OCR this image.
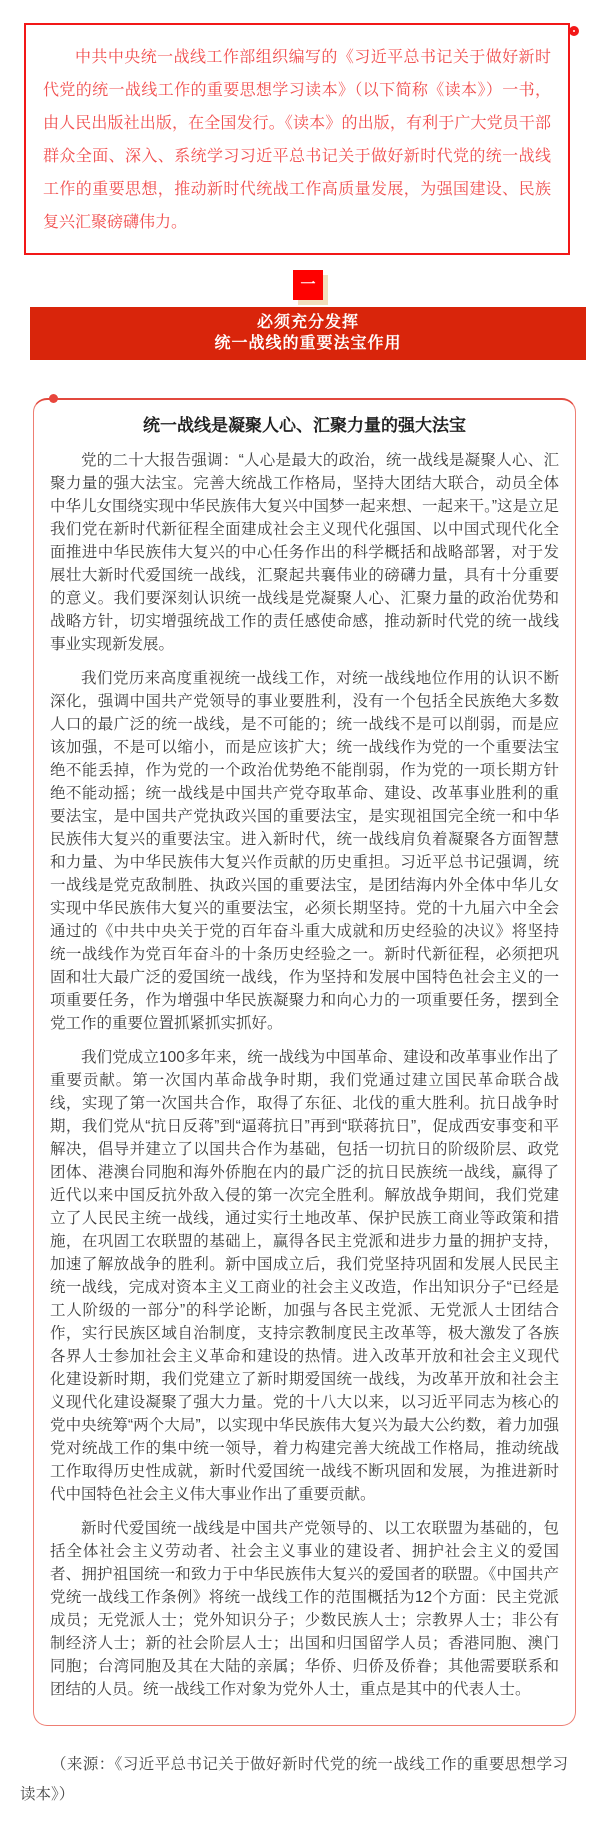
中共中央统一战线工作部组织编写的《习近平总书记关于做好新时代党的统一战线工作的重要思想学习读本》（以下简称《读本》）一书，由人民出版社出版，在全国发行。《读本》的出版，有利于广大党员干部群众全面、深入、系统学习习近平总书记关于做好新时代党的统一战线工作的重要思想，推动新时代统战工作高质量发展，为强国建设、民族复兴汇聚磅礴伟力。

一
必须充分发挥
统一战线的重要法宝作用
统一战线是凝聚人心、汇聚力量的强大法宝

党的二十大报告强调：“人心是最大的政治，统一战线是凝聚人心、汇聚力量的强大法宝。完善大统战工作格局，坚持大团结大联合，动员全体中华儿女围绕实现中华民族伟大复兴中国梦一起来想、一起来干。”这是立足我们党在新时代新征程全面建成社会主义现代化强国、以中国式现代化全面推进中华民族伟大复兴的中心任务作出的科学概括和战略部署，对于发展壮大新时代爱国统一战线，汇聚起共襄伟业的磅礴力量，具有十分重要的意义。我们要深刻认识统一战线是党凝聚人心、汇聚力量的政治优势和战略方针，切实增强统战工作的责任感使命感，推动新时代党的统一战线事业实现新发展。

我们党历来高度重视统一战线工作，对统一战线地位作用的认识不断深化，强调中国共产党领导的事业要胜利，没有一个包括全民族绝大多数人口的最广泛的统一战线，是不可能的；统一战线不是可以削弱，而是应该加强，不是可以缩小，而是应该扩大；统一战线作为党的一个重要法宝绝不能丢掉，作为党的一个政治优势绝不能削弱，作为党的一项长期方针绝不能动摇；统一战线是中国共产党夺取革命、建设、改革事业胜利的重要法宝，是中国共产党执政兴国的重要法宝，是实现祖国完全统一和中华民族伟大复兴的重要法宝。进入新时代，统一战线肩负着凝聚各方面智慧和力量、为中华民族伟大复兴作贡献的历史重担。习近平总书记强调，统一战线是党克敌制胜、执政兴国的重要法宝，是团结海内外全体中华儿女实现中华民族伟大复兴的重要法宝，必须长期坚持。党的十九届六中全会通过的《中共中央关于党的百年奋斗重大成就和历史经验的决议》将坚持统一战线作为党百年奋斗的十条历史经验之一。新时代新征程，必须把巩固和壮大最广泛的爱国统一战线，作为坚持和发展中国特色社会主义的一项重要任务，作为增强中华民族凝聚力和向心力的一项重要任务，摆到全党工作的重要位置抓紧抓实抓好。

我们党成立100多年来，统一战线为中国革命、建设和改革事业作出了重要贡献。第一次国内革命战争时期，我们党通过建立国民革命联合战线，实现了第一次国共合作，取得了东征、北伐的重大胜利。抗日战争时期，我们党从“抗日反蒋”到“逼蒋抗日”再到“联蒋抗日”，促成西安事变和平解决，倡导并建立了以国共合作为基础，包括一切抗日的阶级阶层、政党团体、港澳台同胞和海外侨胞在内的最广泛的抗日民族统一战线，赢得了近代以来中国反抗外敌入侵的第一次完全胜利。解放战争期间，我们党建立了人民民主统一战线，通过实行土地改革、保护民族工商业等政策和措施，在巩固工农联盟的基础上，赢得各民主党派和进步力量的拥护支持，加速了解放战争的胜利。新中国成立后，我们党坚持巩固和发展人民民主统一战线，完成对资本主义工商业的社会主义改造，作出知识分子“已经是工人阶级的一部分”的科学论断，加强与各民主党派、无党派人士团结合作，实行民族区域自治制度，支持宗教制度民主改革等，极大激发了各族各界人士参加社会主义革命和建设的热情。进入改革开放和社会主义现代化建设新时期，我们党建立了新时期爱国统一战线，为改革开放和社会主义现代化建设凝聚了强大力量。党的十八大以来，以习近平同志为核心的党中央统筹“两个大局”，以实现中华民族伟大复兴为最大公约数，着力加强党对统战工作的集中统一领导，着力构建完善大统战工作格局，推动统战工作取得历史性成就，新时代爱国统一战线不断巩固和发展，为推进新时代中国特色社会主义伟大事业作出了重要贡献。

新时代爱国统一战线是中国共产党领导的、以工农联盟为基础的，包括全体社会主义劳动者、社会主义事业的建设者、拥护社会主义的爱国者、拥护祖国统一和致力于中华民族伟大复兴的爱国者的联盟。《中国共产党统一战线工作条例》将统一战线工作的范围概括为12个方面：民主党派成员；无党派人士；党外知识分子；少数民族人士；宗教界人士；非公有制经济人士；新的社会阶层人士；出国和归国留学人员；香港同胞、澳门同胞；台湾同胞及其在大陆的亲属；华侨、归侨及侨眷；其他需要联系和团结的人员。统一战线工作对象为党外人士，重点是其中的代表人士。

（来源：《习近平总书记关于做好新时代党的统一战线工作的重要思想学习读本》）
